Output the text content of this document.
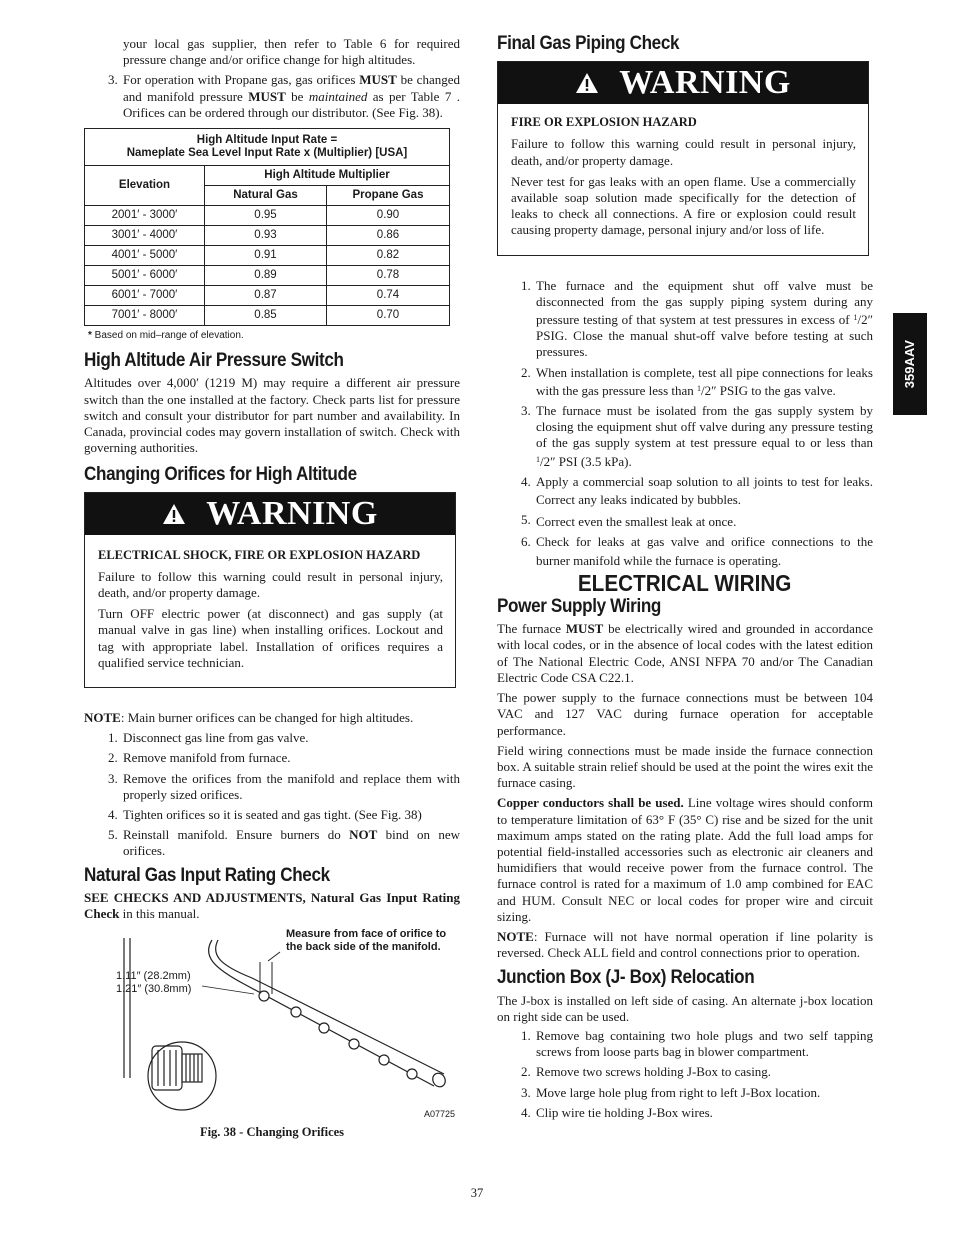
your local gas supplier, then refer to Table 6 for required pressure change and/or orifice change for high altitudes.

3. For operation with Propane gas, gas orifices MUST be changed and manifold pressure MUST be maintained as per Table 7 . Orifices can be ordered through our distributor. (See Fig. 38).
High Altitude Input Rate =
Nameplate Sea Level Input Rate x (Multiplier) [USA]		

Elevation	High Altitude Multiplier	
	Natural Gas	Propane Gas
2001′ - 3000′	0.95	0.90
3001′ - 4000′	0.93	0.86
4001′ - 5000′	0.91	0.82
5001′ - 6000′	0.89	0.78
6001′ - 7000′	0.87	0.74
7001′ - 8000′	0.85	0.70
* Based on mid–range of elevation.
High Altitude Air Pressure Switch

Altitudes over 4,000′ (1219 M) may require a different air pressure switch than the one installed at the factory. Check parts list for pressure switch and consult your distributor for part number and availability. In Canada, provincial codes may govern installation of switch. Check with governing authorities.

Changing Orifices for High Altitude
WARNING
ELECTRICAL SHOCK, FIRE OR EXPLOSION HAZARD

Failure to follow this warning could result in personal injury, death, and/or property damage.

Turn OFF electric power (at disconnect) and gas supply (at manual valve in gas line) when installing orifices. Lockout and tag with appropriate label. Installation of orifices requires a qualified service technician.

NOTE: Main burner orifices can be changed for high altitudes.

1. Disconnect gas line from gas valve.
2. Remove manifold from furnace.
3. Remove the orifices from the manifold and replace them with properly sized orifices.
4. Tighten orifices so it is seated and gas tight. (See Fig. 38)
5. Reinstall manifold. Ensure burners do NOT bind on new orifices.
Natural Gas Input Rating Check

SEE CHECKS AND ADJUSTMENTS, Natural Gas Input Rating Check in this manual.

Measure from face of orifice to the back side of the manifold.
1.11″ (28.2mm)
1.21″ (30.8mm)
A07725
Fig. 38 - Changing Orifices
Final Gas Piping Check
WARNING
FIRE OR EXPLOSION HAZARD

Failure to follow this warning could result in personal injury, death, and/or property damage.

Never test for gas leaks with an open flame. Use a commercially available soap solution made specifically for the detection of leaks to check all connections. A fire or explosion could result causing property damage, personal injury and/or loss of life.

1. The furnace and the equipment shut off valve must be disconnected from the gas supply piping system during any pressure testing of that system at test pressures in excess of $^1$/2″ PSIG. Close the manual shut-off valve before testing at such pressures.
2. When installation is complete, test all pipe connections for leaks with the gas pressure less than $^1$/2″ PSIG to the gas valve.
3. The furnace must be isolated from the gas supply system by closing the equipment shut off valve during any pressure testing of the gas supply system at test pressure equal to or less than $^1$/2″ PSI (3.5 kPa).
4. Apply a commercial soap solution to all joints to test for leaks. Correct any leaks indicated by bubbles.
5. Correct even the smallest leak at once.
6. Check for leaks at gas valve and orifice connections to the burner manifold while the furnace is operating.
ELECTRICAL WIRING
Power Supply Wiring

The furnace MUST be electrically wired and grounded in accordance with local codes, or in the absence of local codes with the latest edition of The National Electric Code, ANSI NFPA 70 and/or The Canadian Electric Code CSA C22.1.

The power supply to the furnace connections must be between 104 VAC and 127 VAC during furnace operation for acceptable performance.

Field wiring connections must be made inside the furnace connection box. A suitable strain relief should be used at the point the wires exit the furnace casing.

Copper conductors shall be used. Line voltage wires should conform to temperature limitation of 63° F (35° C) rise and be sized for the unit maximum amps stated on the rating plate. Add the full load amps for potential field-installed accessories such as electronic air cleaners and humidifiers that would receive power from the furnace control. The furnace control is rated for a maximum of 1.0 amp combined for EAC and HUM. Consult NEC or local codes for proper wire and circuit sizing.

NOTE: Furnace will not have normal operation if line polarity is reversed. Check ALL field and control connections prior to operation.

Junction Box (J- Box) Relocation

The J-box is installed on left side of casing. An alternate j-box location on right side can be used.

1. Remove bag containing two hole plugs and two self tapping screws from loose parts bag in blower compartment.
2. Remove two screws holding J-Box to casing.
3. Move large hole plug from right to left J-Box location.
4. Clip wire tie holding J-Box wires.
359AAV
37
